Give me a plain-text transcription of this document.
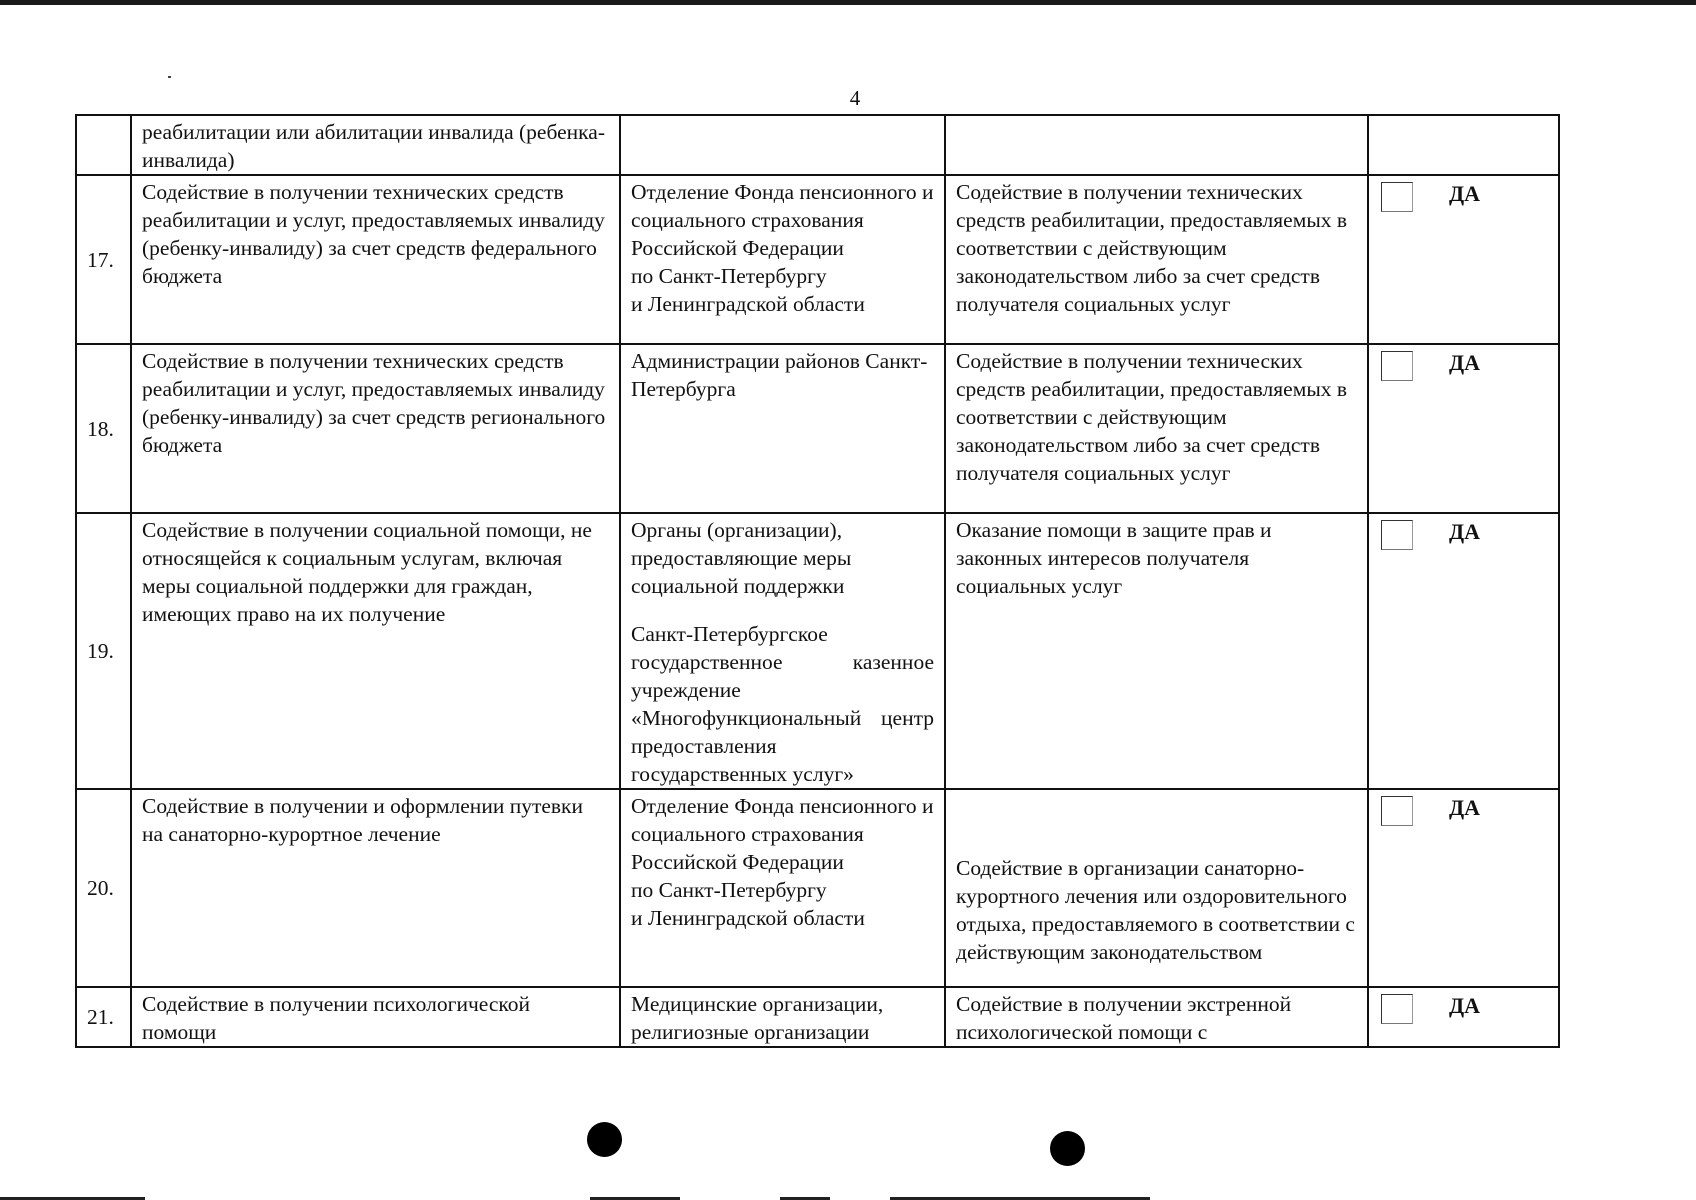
4
	реабилитации или абилитации инвалида (ребенка-инвалида)			
17.	Содействие в получении технических средств реабилитации и услуг, предоставляемых инвалиду (ребенку-инвалиду) за счет средств федерального бюджета	Отделение Фонда пенсионного и социального страхования Российской Федерации
по Санкт-Петербургу
и Ленинградской области	Содействие в получении технических средств реабилитации, предоставляемых в соответствии с действующим законодательством либо за счет средств получателя социальных услуг	ДА

18.	Содействие в получении технических средств реабилитации и услуг, предоставляемых инвалиду (ребенку-инвалиду) за счет средств регионального бюджета	Администрации районов Санкт-Петербурга	Содействие в получении технических средств реабилитации, предоставляемых в соответствии с действующим законодательством либо за счет средств получателя социальных услуг	ДА

19.	Содействие в получении социальной помощи, не относящейся к социальным услугам, включая меры социальной поддержки для граждан, имеющих право на их получение	Органы (организации), предоставляющие меры социальной поддержки
Санкт-Петербургское государственное казенное учреждение «Многофункциональный центр предоставления государственных услуг»	Оказание помощи в защите прав и законных интересов получателя социальных услуг	ДА

20.	Содействие в получении и оформлении путевки на санаторно-курортное лечение	Отделение Фонда пенсионного и социального страхования Российской Федерации
по Санкт-Петербургу
и Ленинградской области	Содействие в организации санаторно-курортного лечения или оздоровительного отдыха, предоставляемого в соответствии с действующим законодательством	ДА

21.	Содействие в получении психологической помощи	Медицинские организации, религиозные организации	Содействие в получении экстренной психологической помощи с	ДА
